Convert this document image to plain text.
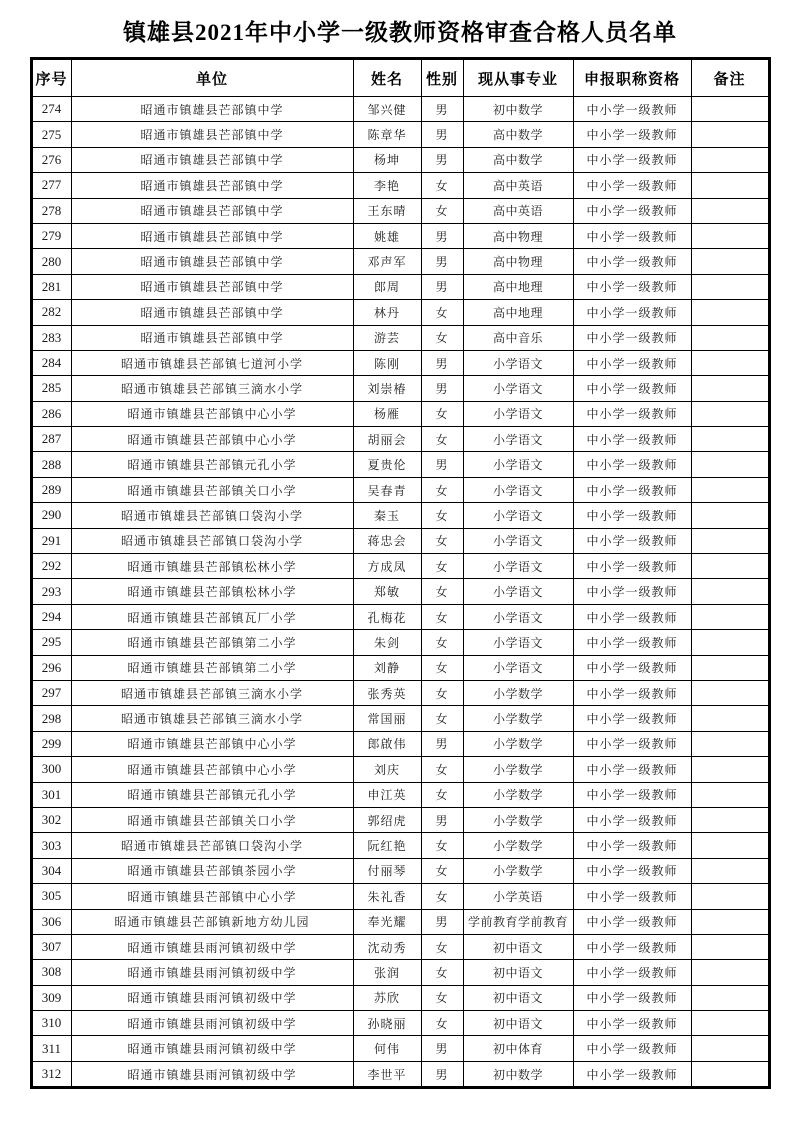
镇雄县2021年中小学一级教师资格审查合格人员名单
序号	单位	姓名	性别	现从事专业	申报职称资格	备注
274	昭通市镇雄县芒部镇中学	邹兴健	男	初中数学	中小学一级教师	
275	昭通市镇雄县芒部镇中学	陈章华	男	高中数学	中小学一级教师	
276	昭通市镇雄县芒部镇中学	杨坤	男	高中数学	中小学一级教师	
277	昭通市镇雄县芒部镇中学	李艳	女	高中英语	中小学一级教师	
278	昭通市镇雄县芒部镇中学	王东晴	女	高中英语	中小学一级教师	
279	昭通市镇雄县芒部镇中学	姚雄	男	高中物理	中小学一级教师	
280	昭通市镇雄县芒部镇中学	邓声军	男	高中物理	中小学一级教师	
281	昭通市镇雄县芒部镇中学	郎周	男	高中地理	中小学一级教师	
282	昭通市镇雄县芒部镇中学	林丹	女	高中地理	中小学一级教师	
283	昭通市镇雄县芒部镇中学	游芸	女	高中音乐	中小学一级教师	
284	昭通市镇雄县芒部镇七道河小学	陈刚	男	小学语文	中小学一级教师	
285	昭通市镇雄县芒部镇三滴水小学	刘崇椿	男	小学语文	中小学一级教师	
286	昭通市镇雄县芒部镇中心小学	杨雁	女	小学语文	中小学一级教师	
287	昭通市镇雄县芒部镇中心小学	胡丽会	女	小学语文	中小学一级教师	
288	昭通市镇雄县芒部镇元孔小学	夏贵伦	男	小学语文	中小学一级教师	
289	昭通市镇雄县芒部镇关口小学	吴春青	女	小学语文	中小学一级教师	
290	昭通市镇雄县芒部镇口袋沟小学	秦玉	女	小学语文	中小学一级教师	
291	昭通市镇雄县芒部镇口袋沟小学	蒋忠会	女	小学语文	中小学一级教师	
292	昭通市镇雄县芒部镇松林小学	方成凤	女	小学语文	中小学一级教师	
293	昭通市镇雄县芒部镇松林小学	郑敏	女	小学语文	中小学一级教师	
294	昭通市镇雄县芒部镇瓦厂小学	孔梅花	女	小学语文	中小学一级教师	
295	昭通市镇雄县芒部镇第二小学	朱剑	女	小学语文	中小学一级教师	
296	昭通市镇雄县芒部镇第二小学	刘静	女	小学语文	中小学一级教师	
297	昭通市镇雄县芒部镇三滴水小学	张秀英	女	小学数学	中小学一级教师	
298	昭通市镇雄县芒部镇三滴水小学	常国丽	女	小学数学	中小学一级教师	
299	昭通市镇雄县芒部镇中心小学	郎啟伟	男	小学数学	中小学一级教师	
300	昭通市镇雄县芒部镇中心小学	刘庆	女	小学数学	中小学一级教师	
301	昭通市镇雄县芒部镇元孔小学	申江英	女	小学数学	中小学一级教师	
302	昭通市镇雄县芒部镇关口小学	郭绍虎	男	小学数学	中小学一级教师	
303	昭通市镇雄县芒部镇口袋沟小学	阮红艳	女	小学数学	中小学一级教师	
304	昭通市镇雄县芒部镇茶园小学	付丽琴	女	小学数学	中小学一级教师	
305	昭通市镇雄县芒部镇中心小学	朱礼香	女	小学英语	中小学一级教师	
306	昭通市镇雄县芒部镇新地方幼儿园	奉光耀	男	学前教育学前教育	中小学一级教师	
307	昭通市镇雄县雨河镇初级中学	沈动秀	女	初中语文	中小学一级教师	
308	昭通市镇雄县雨河镇初级中学	张润	女	初中语文	中小学一级教师	
309	昭通市镇雄县雨河镇初级中学	苏欣	女	初中语文	中小学一级教师	
310	昭通市镇雄县雨河镇初级中学	孙晓丽	女	初中语文	中小学一级教师	
311	昭通市镇雄县雨河镇初级中学	何伟	男	初中体育	中小学一级教师	
312	昭通市镇雄县雨河镇初级中学	李世平	男	初中数学	中小学一级教师	
